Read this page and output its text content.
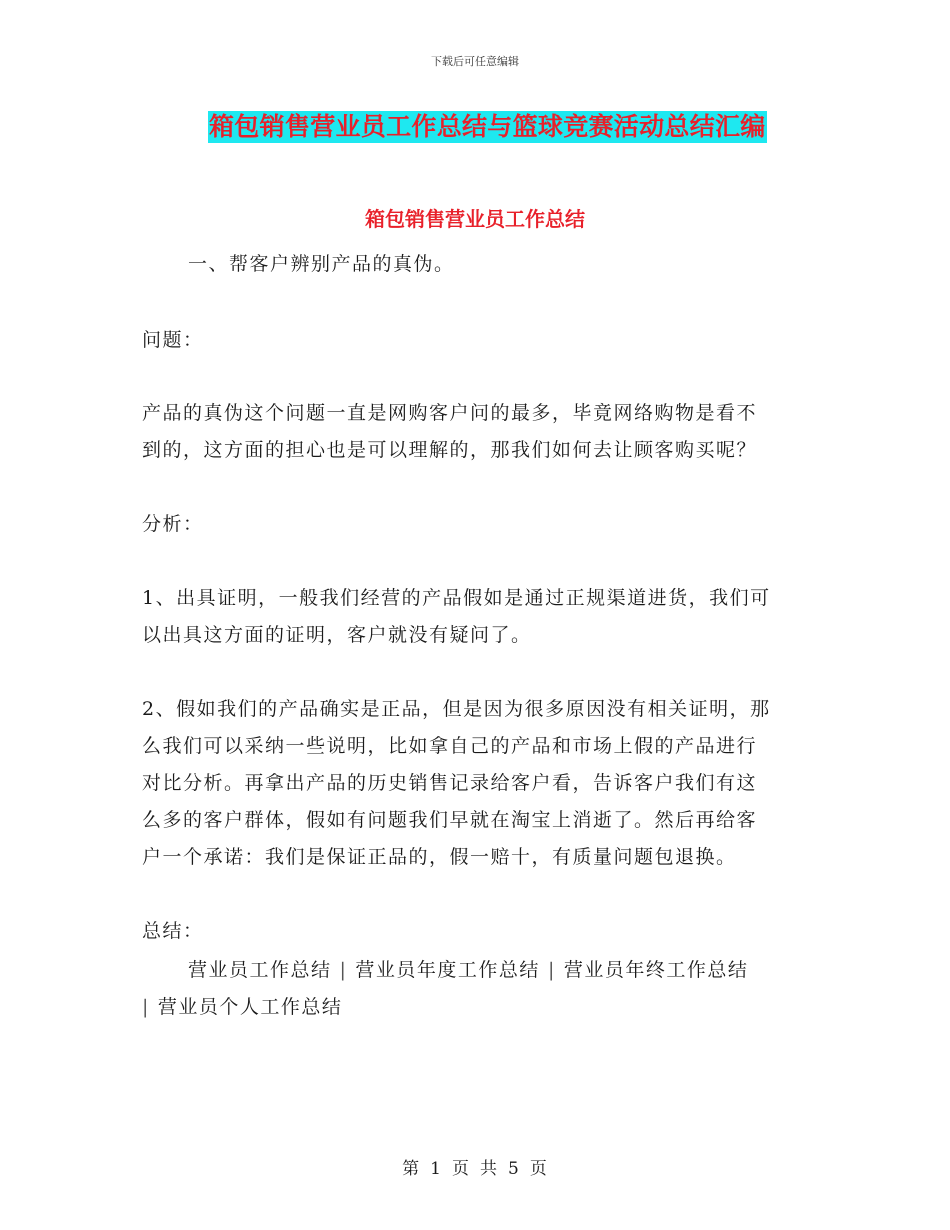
下载后可任意编辑
箱包销售营业员工作总结与篮球竞赛活动总结汇编
箱包销售营业员工作总结
一、帮客户辨别产品的真伪。
问题：
产品的真伪这个问题一直是网购客户问的最多，毕竟网络购物是看不
到的，这方面的担心也是可以理解的，那我们如何去让顾客购买呢？
分析：
1、出具证明，一般我们经营的产品假如是通过正规渠道进货，我们可
以出具这方面的证明，客户就没有疑问了。
2、假如我们的产品确实是正品，但是因为很多原因没有相关证明，那
么我们可以采纳一些说明，比如拿自己的产品和市场上假的产品进行
对比分析。再拿出产品的历史销售记录给客户看，告诉客户我们有这
么多的客户群体，假如有问题我们早就在淘宝上消逝了。然后再给客
户一个承诺：我们是保证正品的，假一赔十，有质量问题包退换。
总结：
营业员工作总结 | 营业员年度工作总结 | 营业员年终工作总结
| 营业员个人工作总结
第 1 页 共 5 页
